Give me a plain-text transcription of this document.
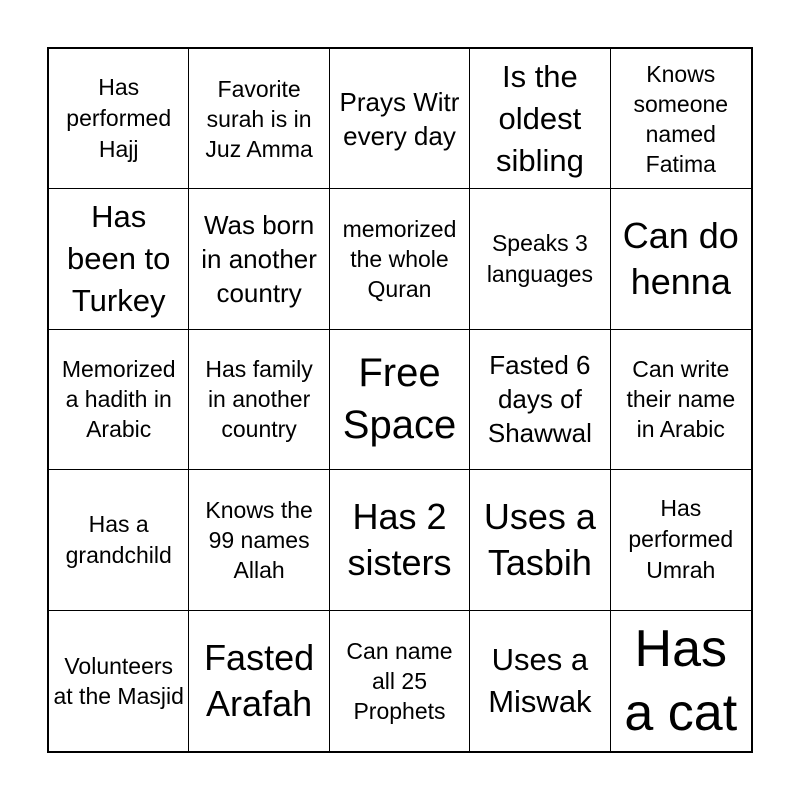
Has performed Hajj
Favorite surah is in Juz Amma
Prays Witr every day
Is the oldest sibling
Knows someone named Fatima
Has been to Turkey
Was born in another country
memorized the whole Quran
Speaks 3 languages
Can do henna
Memorized a hadith in Arabic
Has family in another country
Free Space
Fasted 6 days of Shawwal
Can write their name in Arabic
Has a grandchild
Knows the 99 names Allah
Has 2 sisters
Uses a Tasbih
Has performed Umrah
Volunteers at the Masjid
Fasted Arafah
Can name all 25 Prophets
Uses a Miswak
Has a cat
